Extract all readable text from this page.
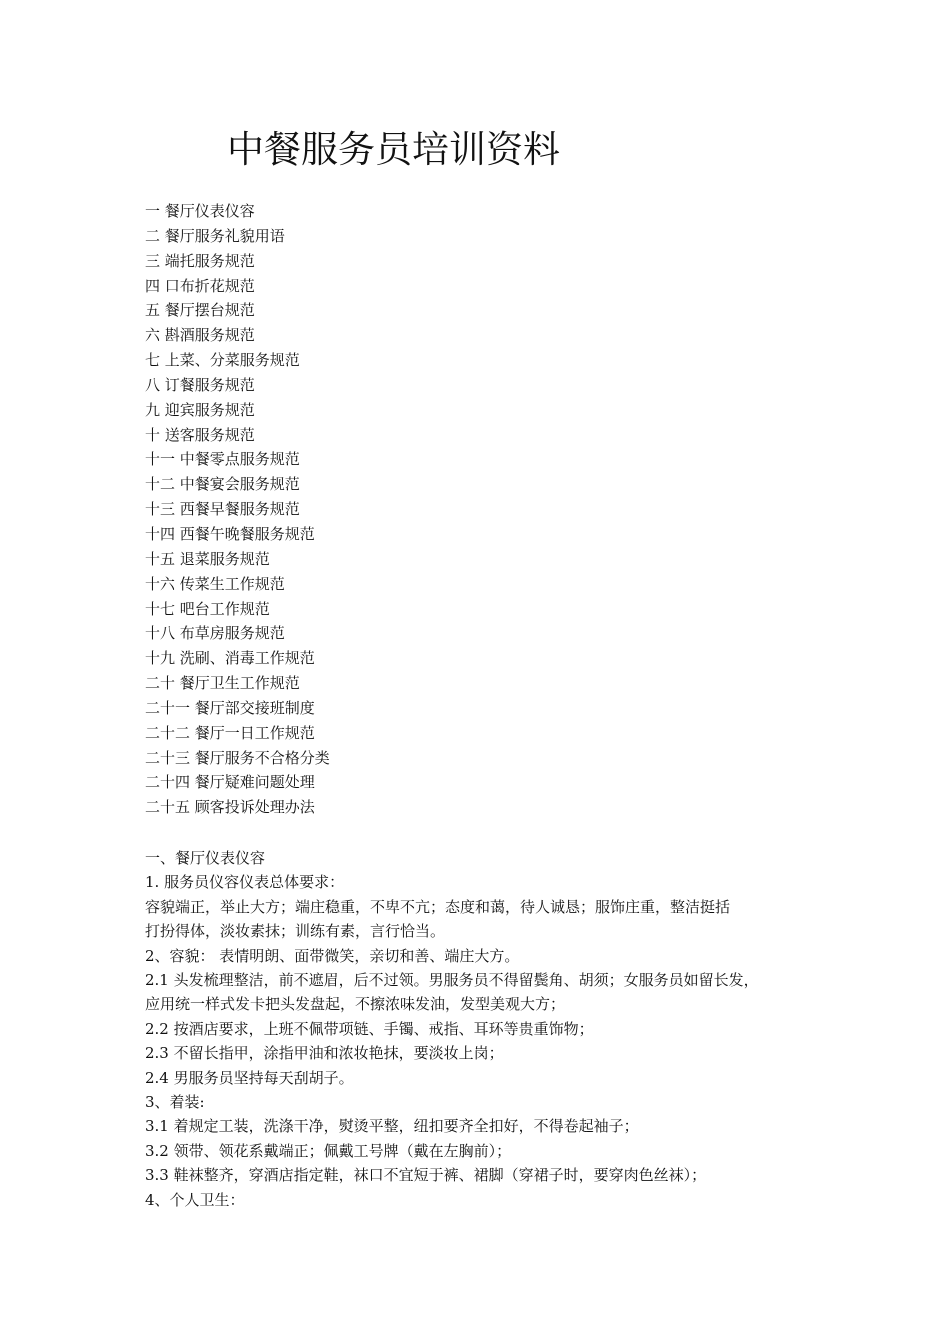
中餐服务员培训资料
一 餐厅仪表仪容
二 餐厅服务礼貌用语
三 端托服务规范
四 口布折花规范
五 餐厅摆台规范
六 斟酒服务规范
七 上菜、分菜服务规范
八 订餐服务规范
九 迎宾服务规范
十 送客服务规范
十一 中餐零点服务规范
十二 中餐宴会服务规范
十三 西餐早餐服务规范
十四 西餐午晚餐服务规范
十五 退菜服务规范
十六 传菜生工作规范
十七 吧台工作规范
十八 布草房服务规范
十九 洗刷、消毒工作规范
二十 餐厅卫生工作规范
二十一 餐厅部交接班制度
二十二 餐厅一日工作规范
二十三 餐厅服务不合格分类
二十四 餐厅疑难问题处理
二十五 顾客投诉处理办法
一、餐厅仪表仪容
1. 服务员仪容仪表总体要求：
容貌端正，举止大方；端庄稳重，不卑不亢；态度和蔼，待人诚恳；服饰庄重，整洁挺括
打扮得体，淡妆素抹；训练有素，言行恰当。
2、容貌： 表情明朗、面带微笑，亲切和善、端庄大方。
2.1 头发梳理整洁，前不遮眉，后不过领。男服务员不得留鬓角、胡须；女服务员如留长发，
应用统一样式发卡把头发盘起，不擦浓味发油，发型美观大方；
2.2 按酒店要求，上班不佩带项链、手镯、戒指、耳环等贵重饰物；
2.3 不留长指甲，涂指甲油和浓妆艳抹，要淡妆上岗；
2.4 男服务员坚持每天刮胡子。
3、着装:
3.1 着规定工装，洗涤干净，熨烫平整，纽扣要齐全扣好，不得卷起袖子；
3.2 领带、领花系戴端正；佩戴工号牌（戴在左胸前）；
3.3 鞋袜整齐，穿酒店指定鞋，袜口不宜短于裤、裙脚（穿裙子时，要穿肉色丝袜）；
4、个人卫生：
